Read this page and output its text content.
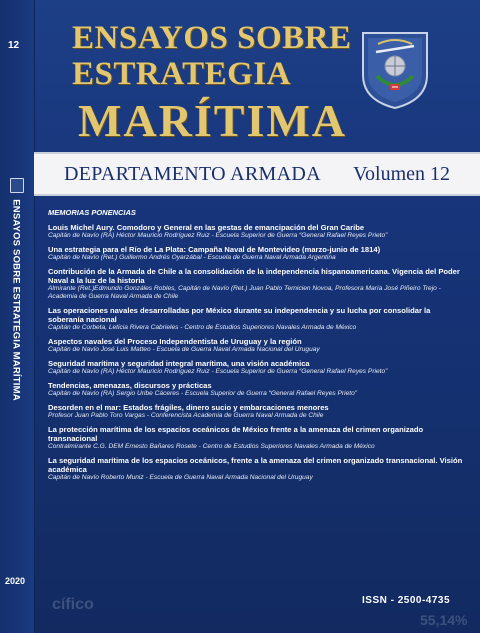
12
ENSAYOS SOBRE ESTRATEGIA MARÍTIMA
2020
ENSAYOS SOBRE
ESTRATEGIA
MARÍTIMA
DEPARTAMENTO ARMADA Volumen 12
MEMORIAS PONENCIAS
Louis Michel Aury. Comodoro y General en las gestas de emancipación del Gran Caribe
Capitán de Navío (RA) Héctor Mauricio Rodríguez Ruiz - Escuela Superior de Guerra “General Rafael Reyes Prieto”
Una estrategia para el Río de La Plata: Campaña Naval de Montevideo (marzo-junio de 1814)
Capitán de Navío (Ret.) Guillermo Andrés Oyarzábal - Escuela de Guerra Naval Armada Argentina
Contribución de la Armada de Chile a la consolidación de la independencia hispanoamericana. Vigencia del Poder Naval a la luz de la historia
Almirante (Ret.)Edmundo Gonzáles Robles, Capitán de Navío (Ret.) Juan Pablo Ternicien Novoa, Profesora María José Piñeiro Trejo - Academia de Guerra Naval Armada de Chile
Las operaciones navales desarrolladas por México durante su independencia y su lucha por consolidar la soberanía nacional
Capitán de Corbeta, Leticia Rivera Cabrieles - Centro de Estudios Superiores Navales Armada de México
Aspectos navales del Proceso Independentista de Uruguay y la región
Capitán de Navío José Luis Matteo - Escuela de Guerra Naval Armada Nacional del Uruguay
Seguridad marítima y seguridad integral marítima, una visión académica
Capitán de Navío (RA) Héctor Mauricio Rodríguez Ruiz - Escuela Superior de Guerra “General Rafael Reyes Prieto”
Tendencias, amenazas, discursos y prácticas
Capitán de Navío (RA) Sergio Uribe Cáceres - Escuela Superior de Guerra “General Rafael Reyes Prieto”
Desorden en el mar: Estados frágiles, dinero sucio y embarcaciones menores
Profesor Juan Pablo Toro Vargas - Conferencista Academia de Guerra Naval Armada de Chile
La protección marítima de los espacios oceánicos de México frente a la amenaza del crimen organizado transnacional
Contralmirante C.G. DEM Ernesto Bañares Rosete - Centro de Estudios Superiores Navales Armada de México
La seguridad marítima de los espacios oceánicos, frente a la amenaza del crimen organizado transnacional. Visión académica
Capitán de Navío Roberto Muniz - Escuela de Guerra Naval Armada Nacional del Uruguay
cífico
55,14%
ISSN - 2500-4735
